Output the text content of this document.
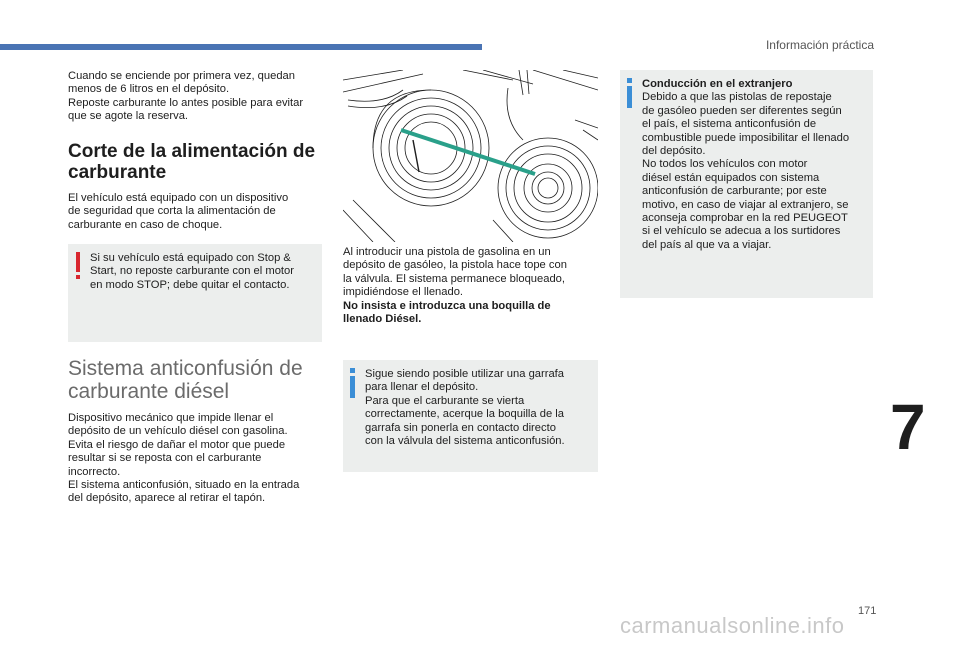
Información práctica
Cuando se enciende por primera vez, quedan
menos de 6 litros en el depósito.
Reposte carburante lo antes posible para evitar
que se agote la reserva.
Corte de la alimentación de
carburante
El vehículo está equipado con un dispositivo
de seguridad que corta la alimentación de
carburante en caso de choque.
Si su vehículo está equipado con Stop &
Start, no reposte carburante con el motor
en modo STOP; debe quitar el contacto.
Sistema anticonfusión de
carburante diésel
Dispositivo mecánico que impide llenar el
depósito de un vehículo diésel con gasolina.
Evita el riesgo de dañar el motor que puede
resultar si se reposta con el carburante
incorrecto.
El sistema anticonfusión, situado en la entrada
del depósito, aparece al retirar el tapón.
Al introducir una pistola de gasolina en un
depósito de gasóleo, la pistola hace tope con
la válvula. El sistema permanece bloqueado,
impidiéndose el llenado.
No insista e introduzca una boquilla de
llenado Diésel.
Sigue siendo posible utilizar una garrafa
para llenar el depósito.
Para que el carburante se vierta
correctamente, acerque la boquilla de la
garrafa sin ponerla en contacto directo
con la válvula del sistema anticonfusión.
Conducción en el extranjero
Debido a que las pistolas de repostaje
de gasóleo pueden ser diferentes según
el país, el sistema anticonfusión de
combustible puede imposibilitar el llenado
del depósito.
No todos los vehículos con motor
diésel están equipados con sistema
anticonfusión de carburante; por este
motivo, en caso de viajar al extranjero, se
aconseja comprobar en la red PEUGEOT
si el vehículo se adecua a los surtidores
del país al que va a viajar.
7
171
carmanualsonline.info
